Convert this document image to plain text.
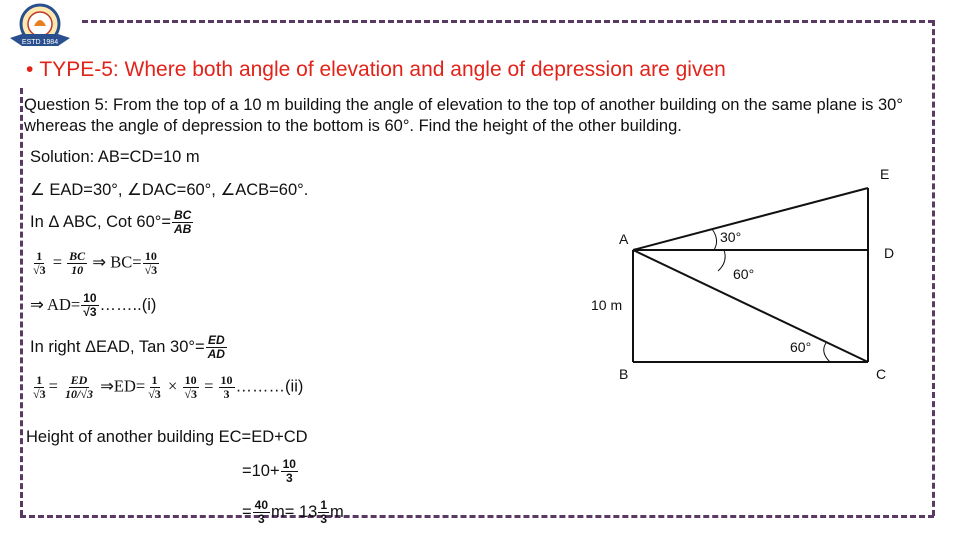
ESTD 1984
• TYPE-5: Where both angle of elevation and angle of depression are given
Question 5: From the top of a 10 m building the angle of elevation to the top of another building on the same plane is 30° whereas the angle of depression to the bottom is 60°. Find the height of the other building.
Solution: AB=CD=10 m
∠ EAD=30°, ∠DAC=60°, ∠ACB=60°.
In Δ ABC, Cot $60^\circ= \frac{BC}{AB}$
$\frac{1}{√3} = \frac{BC}{10}$ ⇒ $BC= \frac{10}{√3}$
⇒ $AD= \frac{10}{√3}$ ……..(i)
In right ΔEAD, Tan $30^\circ= \frac{ED}{AD}$
$\frac{1}{√3} = \frac{ED}{10/√3}$ ⇒ED= $\frac{1}{√3} \times \frac{10}{√3} = \frac{10}{3}$ ………(ii)
Height of another building EC=ED+CD
$=10+ \frac{10}{3}$
= $\frac{40}{3} m= 13 \frac{1}{3}$ m
A
B	C
D
E
10 m
30°
60°
60°
